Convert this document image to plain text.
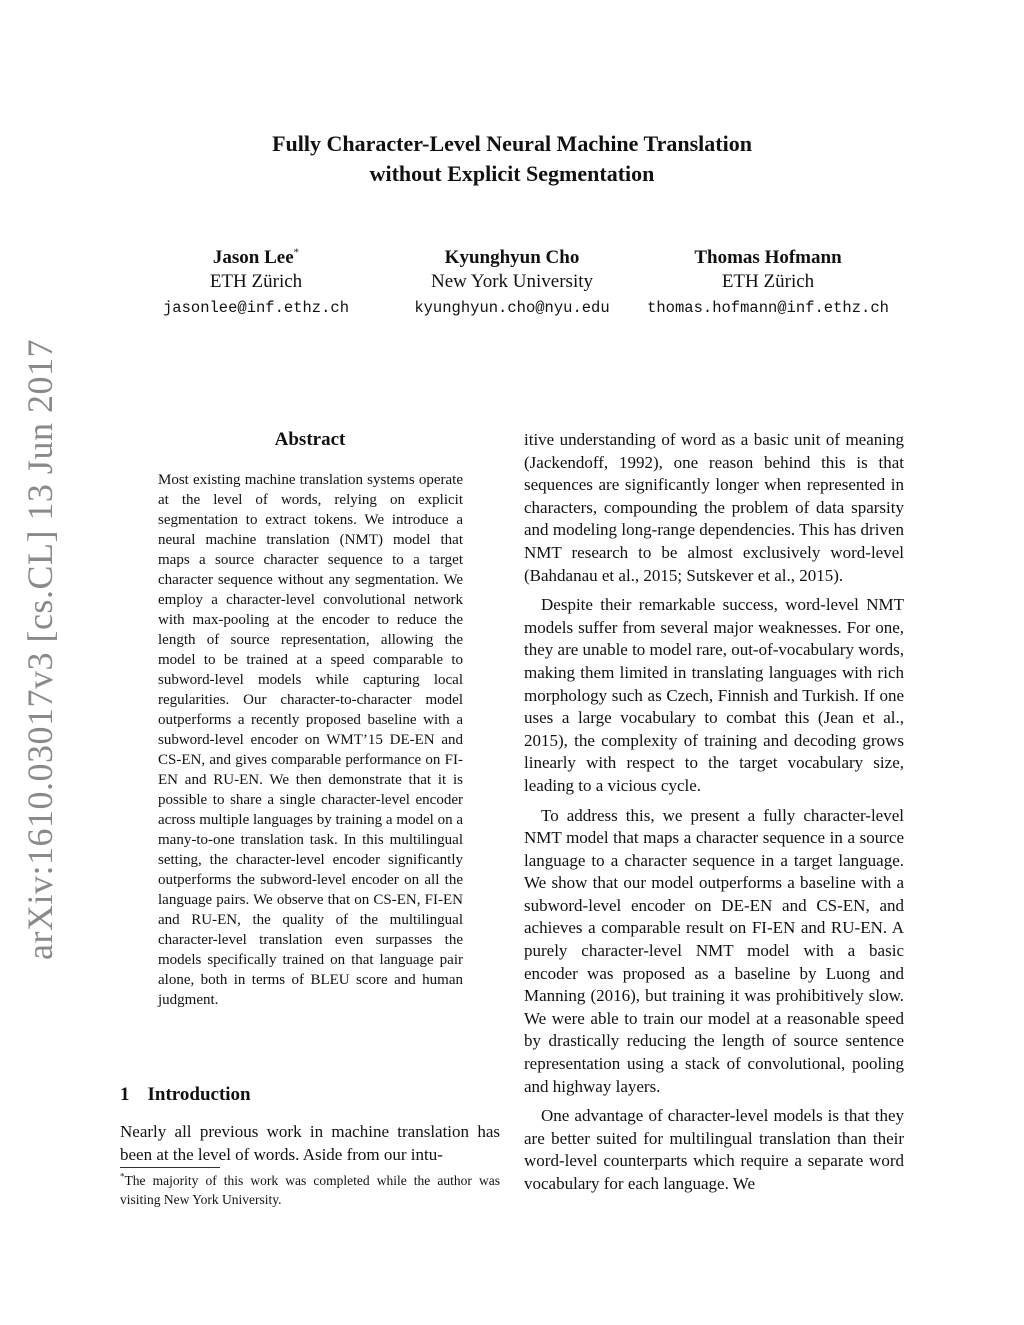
arXiv:1610.03017v3 [cs.CL] 13 Jun 2017
Fully Character-Level Neural Machine Translation
without Explicit Segmentation
Jason Lee*
ETH Zürich
jasonlee@inf.ethz.ch
Kyunghyun Cho
New York University
kyunghyun.cho@nyu.edu
Thomas Hofmann
ETH Zürich
thomas.hofmann@inf.ethz.ch
Abstract
Most existing machine translation systems operate at the level of words, relying on explicit segmentation to extract tokens. We introduce a neural machine translation (NMT) model that maps a source character sequence to a target character sequence without any segmentation. We employ a character-level convolutional network with max-pooling at the encoder to reduce the length of source representation, allowing the model to be trained at a speed comparable to subword-level models while capturing local regularities. Our character-to-character model outperforms a recently proposed baseline with a subword-level encoder on WMT’15 DE-EN and CS-EN, and gives comparable performance on FI-EN and RU-EN. We then demonstrate that it is possible to share a single character-level encoder across multiple languages by training a model on a many-to-one translation task. In this multilingual setting, the character-level encoder significantly outperforms the subword-level encoder on all the language pairs. We observe that on CS-EN, FI-EN and RU-EN, the quality of the multilingual character-level translation even surpasses the models specifically trained on that language pair alone, both in terms of BLEU score and human judgment.
1 Introduction
Nearly all previous work in machine translation has been at the level of words. Aside from our intu-
*The majority of this work was completed while the author was visiting New York University.

itive understanding of word as a basic unit of meaning (Jackendoff, 1992), one reason behind this is that sequences are significantly longer when represented in characters, compounding the problem of data sparsity and modeling long-range dependencies. This has driven NMT research to be almost exclusively word-level (Bahdanau et al., 2015; Sutskever et al., 2015).

Despite their remarkable success, word-level NMT models suffer from several major weaknesses. For one, they are unable to model rare, out-of-vocabulary words, making them limited in translating languages with rich morphology such as Czech, Finnish and Turkish. If one uses a large vocabulary to combat this (Jean et al., 2015), the complexity of training and decoding grows linearly with respect to the target vocabulary size, leading to a vicious cycle.

To address this, we present a fully character-level NMT model that maps a character sequence in a source language to a character sequence in a target language. We show that our model outperforms a baseline with a subword-level encoder on DE-EN and CS-EN, and achieves a comparable result on FI-EN and RU-EN. A purely character-level NMT model with a basic encoder was proposed as a baseline by Luong and Manning (2016), but training it was prohibitively slow. We were able to train our model at a reasonable speed by drastically reducing the length of source sentence representation using a stack of convolutional, pooling and highway layers.

One advantage of character-level models is that they are better suited for multilingual translation than their word-level counterparts which require a separate word vocabulary for each language. We
